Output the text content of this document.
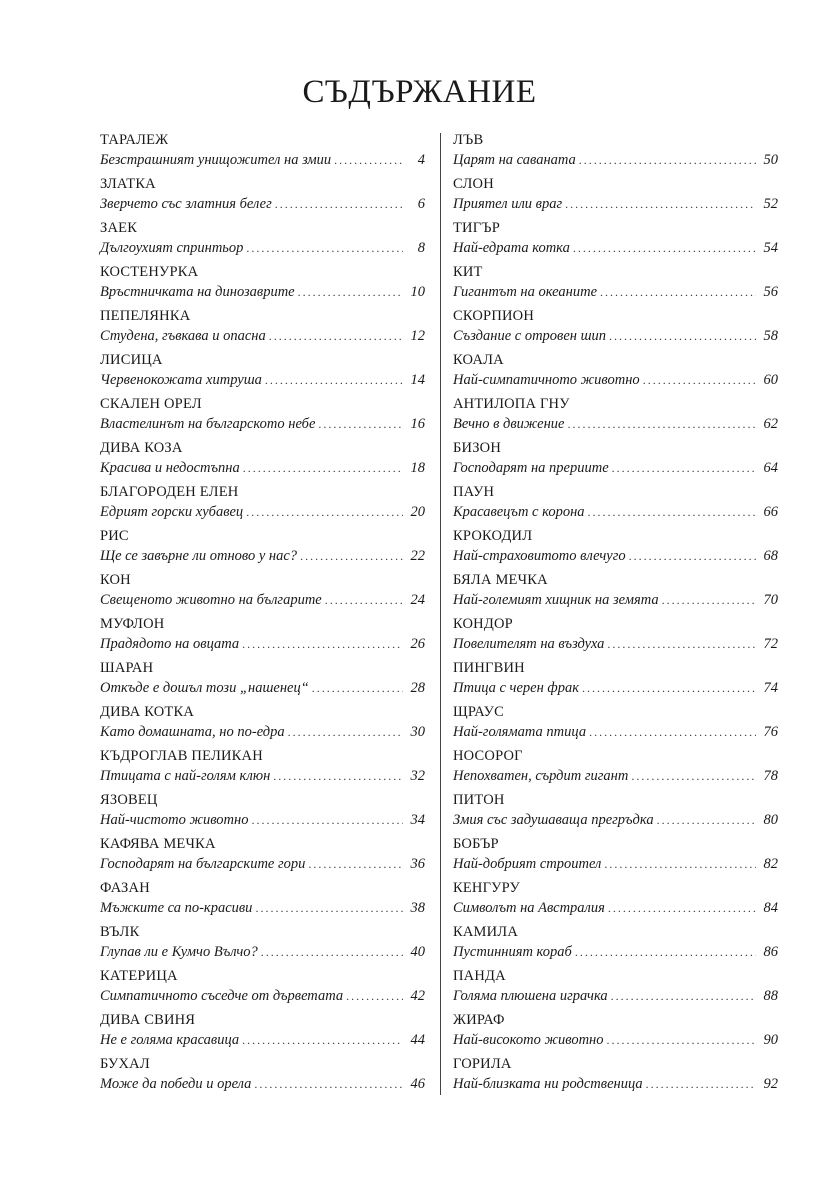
СЪДЪРЖАНИЕ
ТАРАЛЕЖ
Безстрашният унищожител на змии . . .	4
ЗЛАТКА
Зверчето със златния белег . . .	6
ЗАЕК
Дългоухият спринтьор . . .	8
КОСТЕНУРКА
Връстничката на динозаврите . . .	10
ПЕПЕЛЯНКА
Студена, гъвкава и опасна . . .	12
ЛИСИЦА
Червенокожата хитруша . . .	14
СКАЛЕН ОРЕЛ
Властелинът на българското небе . . .	16
ДИВА КОЗА
Красива и недостъпна . . .	18
БЛАГОРОДЕН ЕЛЕН
Едрият горски хубавец . . .	20
РИС
Ще се завърне ли отново у нас? . . .	22
КОН
Свещеното животно на българите . . .	24
МУФЛОН
Прадядото на овцата . . .	26
ШАРАН
Откъде е дошъл този „нашенец“ . . .	28
ДИВА КОТКА
Като домашната, но по-едра . . .	30
КЪДРОГЛАВ ПЕЛИКАН
Птицата с най-голям клюн . . .	32
ЯЗОВЕЦ
Най-чистото животно . . .	34
КАФЯВА МЕЧКА
Господарят на българските гори . . .	36
ФАЗАН
Мъжките са по-красиви . . .	38
ВЪЛК
Глупав ли е Кумчо Вълчо? . . .	40
КАТЕРИЦА
Симпатичното съседче от дърветата . . .	42
ДИВА СВИНЯ
Не е голяма красавица . . .	44
БУХАЛ
Може да победи и орела . . .	46
ЛЪВ
Царят на саваната . . .	50
СЛОН
Приятел или враг . . .	52
ТИГЪР
Най-едрата котка . . .	54
КИТ
Гигантът на океаните . . .	56
СКОРПИОН
Създание с отровен шип . . .	58
КОАЛА
Най-симпатичното животно . . .	60
АНТИЛОПА ГНУ
Вечно в движение . . .	62
БИЗОН
Господарят на прериите . . .	64
ПАУН
Красавецът с корона . . .	66
КРОКОДИЛ
Най-страховитото влечуго . . .	68
БЯЛА МЕЧКА
Най-големият хищник на земята . . .	70
КОНДОР
Повелителят на въздуха . . .	72
ПИНГВИН
Птица с черен фрак . . .	74
ЩРАУС
Най-голямата птица . . .	76
НОСОРОГ
Непохватен, сърдит гигант . . .	78
ПИТОН
Змия със задушаваща прегръдка . . .	80
БОБЪР
Най-добрият строител . . .	82
КЕНГУРУ
Символът на Австралия . . .	84
КАМИЛА
Пустинният кораб . . .	86
ПАНДА
Голяма плюшена играчка . . .	88
ЖИРАФ
Най-високото животно . . .	90
ГОРИЛА
Най-близката ни родственица . . .	92
